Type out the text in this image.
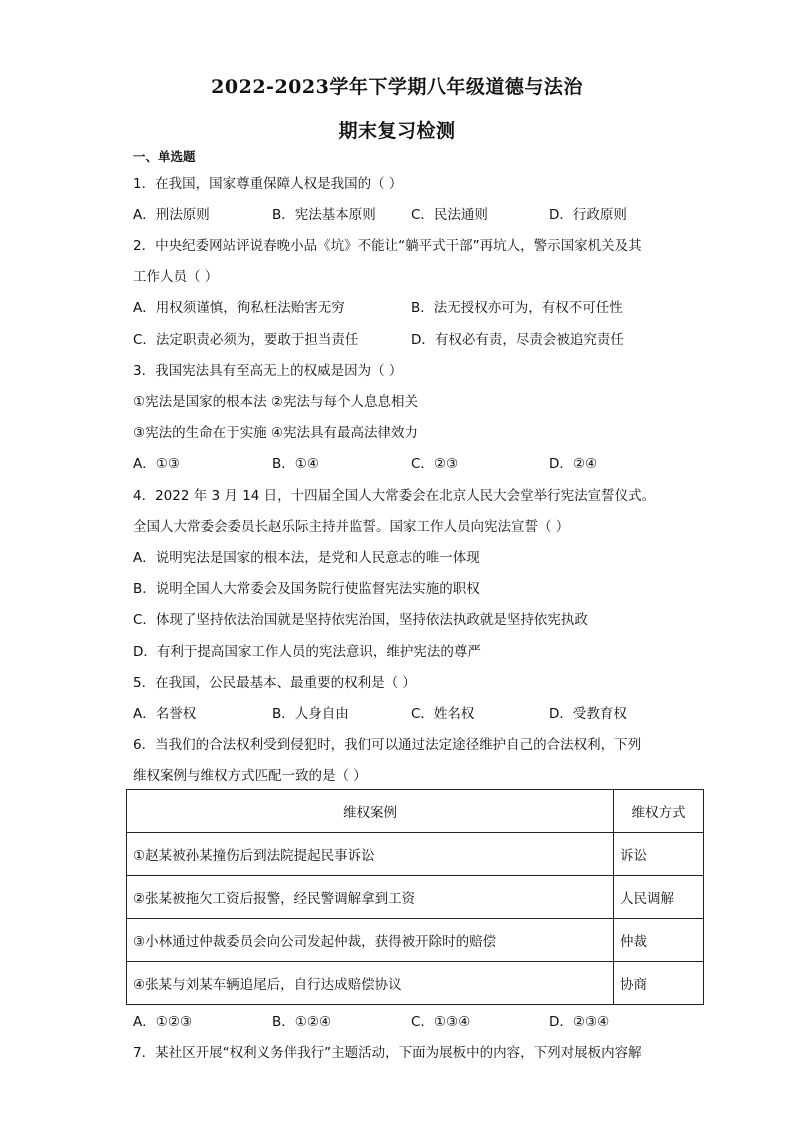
2022-2023学年下学期八年级道德与法治
期末复习检测
一、单选题
1．在我国，国家尊重保障人权是我国的（ ）
A．刑法原则	B．宪法基本原则	C．民法通则	D．行政原则
2．中央纪委网站评说春晚小品《坑》不能让“躺平式干部”再坑人，警示国家机关及其
工作人员（ ）
A．用权须谨慎，徇私枉法贻害无穷	B．法无授权亦可为，有权不可任性
C．法定职责必须为，要敢于担当责任	D．有权必有责，尽责会被追究责任
3．我国宪法具有至高无上的权威是因为（ ）
①宪法是国家的根本法 ②宪法与每个人息息相关
③宪法的生命在于实施 ④宪法具有最高法律效力
A．①③	B．①④	C．②③	D．②④
4．2022 年 3 月 14 日，十四届全国人大常委会在北京人民大会堂举行宪法宣誓仪式。
全国人大常委会委员长赵乐际主持并监誓。国家工作人员向宪法宣誓（ ）
A．说明宪法是国家的根本法，是党和人民意志的唯一体现
B．说明全国人大常委会及国务院行使监督宪法实施的职权
C．体现了坚持依法治国就是坚持依宪治国，坚持依法执政就是坚持依宪执政
D．有利于提高国家工作人员的宪法意识，维护宪法的尊严
5．在我国，公民最基本、最重要的权利是（ ）
A．名誉权	B．人身自由	C．姓名权	D．受教育权
6．当我们的合法权利受到侵犯时，我们可以通过法定途径维护自己的合法权利，下列
维权案例与维权方式匹配一致的是（ ）
维权案例	维权方式
①赵某被孙某撞伤后到法院提起民事诉讼	诉讼
②张某被拖欠工资后报警，经民警调解拿到工资	人民调解
③小林通过仲裁委员会向公司发起仲裁，获得被开除时的赔偿	仲裁
④张某与刘某车辆追尾后，自行达成赔偿协议	协商
A．①②③	B．①②④	C．①③④	D．②③④
7．某社区开展“权利义务伴我行”主题活动，下面为展板中的内容，下列对展板内容解
